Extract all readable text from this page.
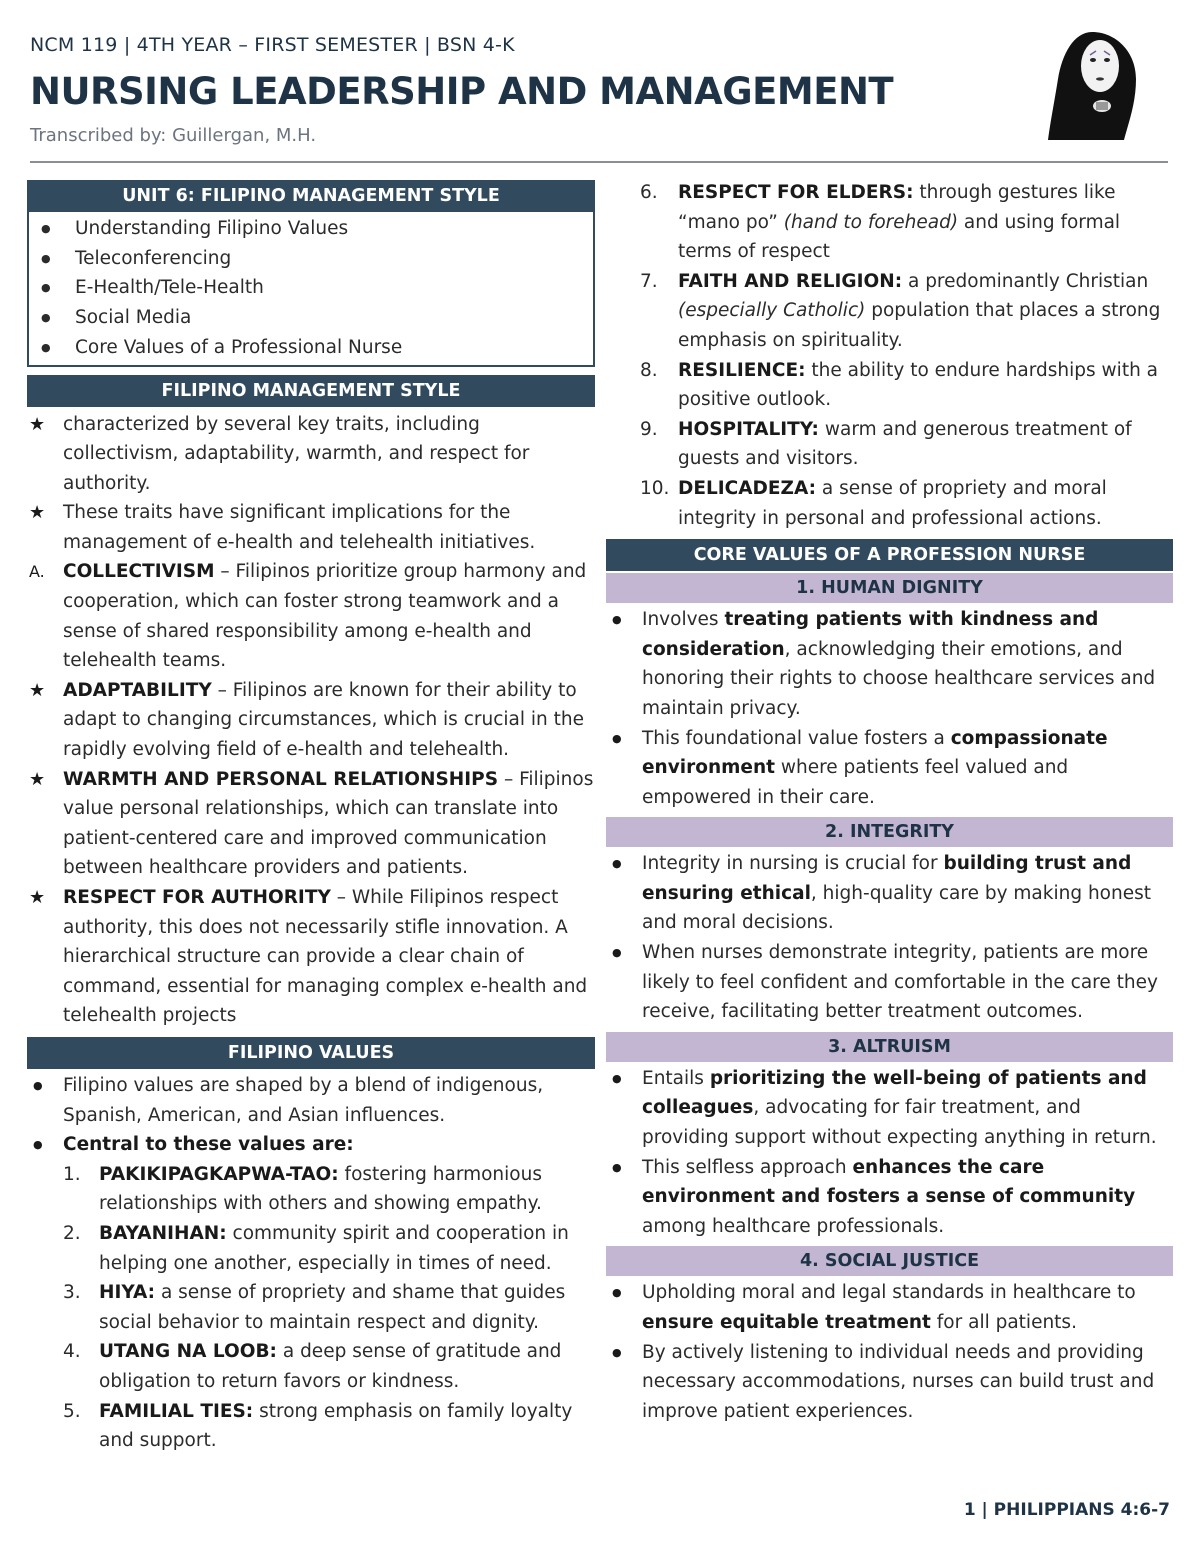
NCM 119 | 4TH YEAR – FIRST SEMESTER | BSN 4-K
NURSING LEADERSHIP AND MANAGEMENT
Transcribed by: Guillergan, M.H.
UNIT 6: FILIPINO MANAGEMENT STYLE
● Understanding Filipino Values
● Teleconferencing
● E-Health/Tele-Health
● Social Media
● Core Values of a Professional Nurse
FILIPINO MANAGEMENT STYLE
★ characterized by several key traits, including collectivism, adaptability, warmth, and respect for authority.
★ These traits have significant implications for the management of e-health and telehealth initiatives.
A. COLLECTIVISM – Filipinos prioritize group harmony and cooperation, which can foster strong teamwork and a sense of shared responsibility among e-health and telehealth teams.
★ ADAPTABILITY – Filipinos are known for their ability to adapt to changing circumstances, which is crucial in the rapidly evolving field of e-health and telehealth.
★ WARMTH AND PERSONAL RELATIONSHIPS – Filipinos value personal relationships, which can translate into patient-centered care and improved communication between healthcare providers and patients.
★ RESPECT FOR AUTHORITY – While Filipinos respect authority, this does not necessarily stifle innovation. A hierarchical structure can provide a clear chain of command, essential for managing complex e-health and telehealth projects
FILIPINO VALUES
● Filipino values are shaped by a blend of indigenous, Spanish, American, and Asian influences.
● Central to these values are:
1. PAKIKIPAGKAPWA-TAO: fostering harmonious relationships with others and showing empathy.
2. BAYANIHAN: community spirit and cooperation in helping one another, especially in times of need.
3. HIYA: a sense of propriety and shame that guides social behavior to maintain respect and dignity.
4. UTANG NA LOOB: a deep sense of gratitude and obligation to return favors or kindness.
5. FAMILIAL TIES: strong emphasis on family loyalty and support.
6. RESPECT FOR ELDERS: through gestures like “mano po” (hand to forehead) and using formal terms of respect
7. FAITH AND RELIGION: a predominantly Christian (especially Catholic) population that places a strong emphasis on spirituality.
8. RESILIENCE: the ability to endure hardships with a positive outlook.
9. HOSPITALITY: warm and generous treatment of guests and visitors.
10. DELICADEZA: a sense of propriety and moral integrity in personal and professional actions.
CORE VALUES OF A PROFESSION NURSE
1. HUMAN DIGNITY
● Involves treating patients with kindness and consideration, acknowledging their emotions, and honoring their rights to choose healthcare services and maintain privacy.
● This foundational value fosters a compassionate environment where patients feel valued and empowered in their care.
2. INTEGRITY
● Integrity in nursing is crucial for building trust and ensuring ethical, high-quality care by making honest and moral decisions.
● When nurses demonstrate integrity, patients are more likely to feel confident and comfortable in the care they receive, facilitating better treatment outcomes.
3. ALTRUISM
● Entails prioritizing the well-being of patients and colleagues, advocating for fair treatment, and providing support without expecting anything in return.
● This selfless approach enhances the care environment and fosters a sense of community among healthcare professionals.
4. SOCIAL JUSTICE
● Upholding moral and legal standards in healthcare to ensure equitable treatment for all patients.
● By actively listening to individual needs and providing necessary accommodations, nurses can build trust and improve patient experiences.
1 | PHILIPPIANS 4:6-7
